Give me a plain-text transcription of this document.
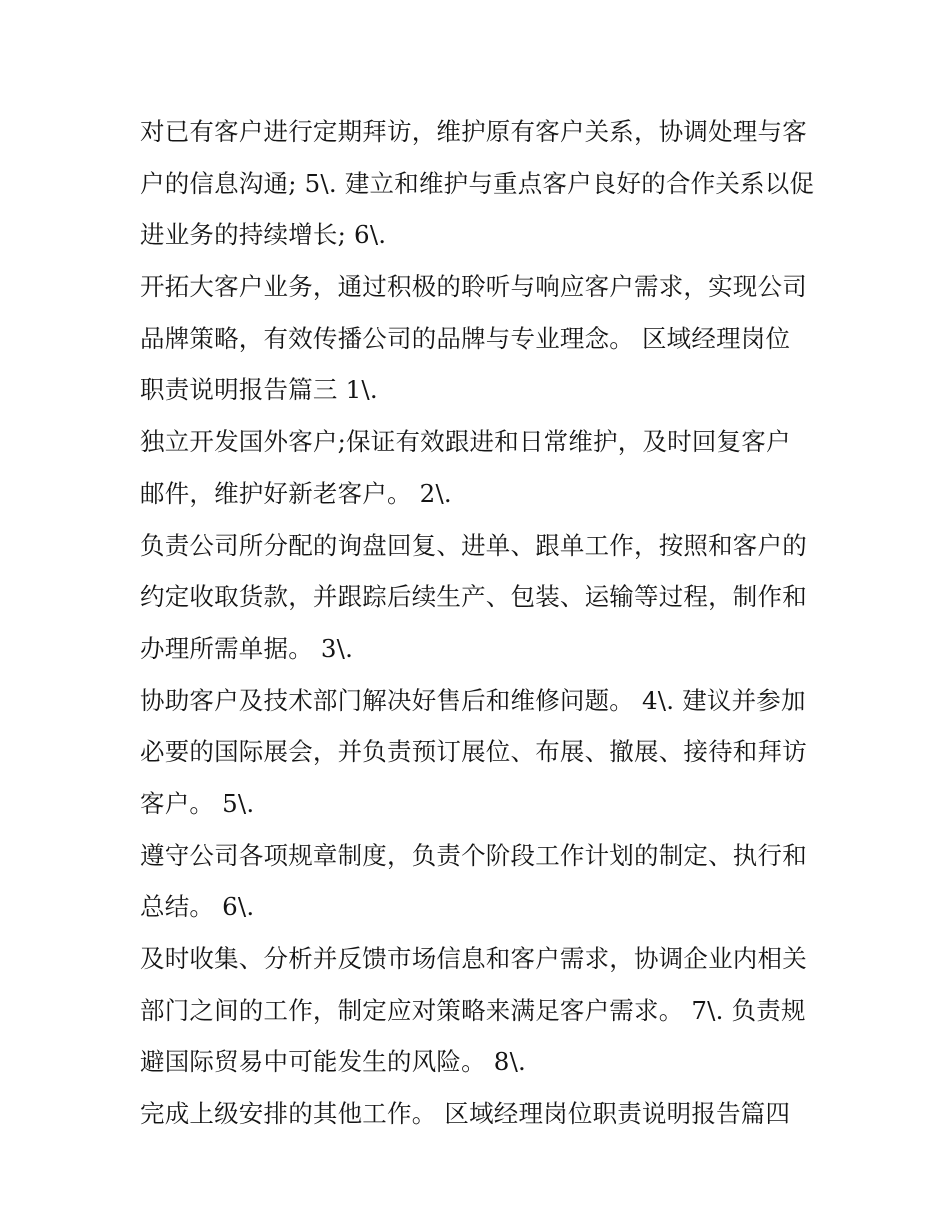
对已有客户进行定期拜访，维护原有客户关系，协调处理与客
户的信息沟通; 5\. 建立和维护与重点客户良好的合作关系以促
进业务的持续增长; 6\.
开拓大客户业务，通过积极的聆听与响应客户需求，实现公司
品牌策略，有效传播公司的品牌与专业理念。 区域经理岗位
职责说明报告篇三 1\.
独立开发国外客户;保证有效跟进和日常维护，及时回复客户
邮件，维护好新老客户。 2\.
负责公司所分配的询盘回复、进单、跟单工作，按照和客户的
约定收取货款，并跟踪后续生产、包装、运输等过程，制作和
办理所需单据。 3\.
协助客户及技术部门解决好售后和维修问题。 4\. 建议并参加
必要的国际展会，并负责预订展位、布展、撤展、接待和拜访
客户。 5\.
遵守公司各项规章制度，负责个阶段工作计划的制定、执行和
总结。 6\.
及时收集、分析并反馈市场信息和客户需求，协调企业内相关
部门之间的工作，制定应对策略来满足客户需求。 7\. 负责规
避国际贸易中可能发生的风险。 8\.
完成上级安排的其他工作。 区域经理岗位职责说明报告篇四
